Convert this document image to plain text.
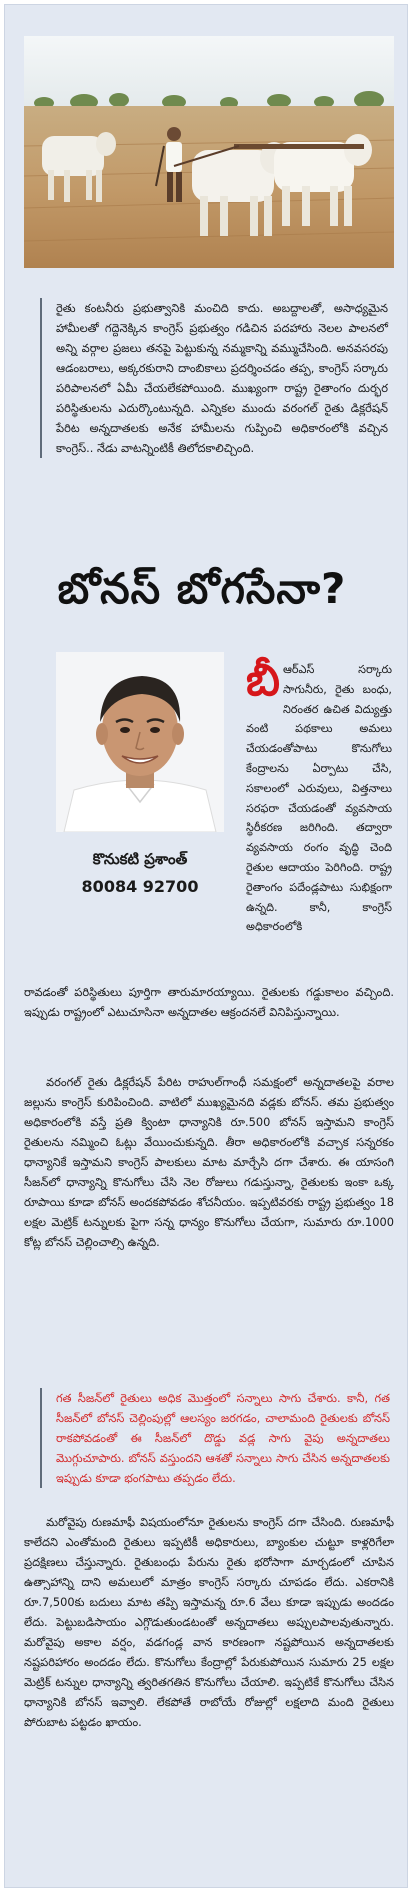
రైతు కంటనీరు ప్రభుత్వానికి మంచిది కాదు. అబద్దాలతో, అసాధ్యమైన హామీలతో గద్దెనెక్కిన కాంగ్రెస్ ప్రభుత్వం గడిచిన పదహారు నెలల పాలనలో అన్ని వర్గాల ప్రజలు తనపై పెట్టుకున్న నమ్మకాన్ని వమ్ముచేసింది. అనవసరపు ఆడంబరాలు, అక్కరకురాని దాంబికాలు ప్రదర్శించడం తప్ప, కాంగ్రెస్ సర్కారు పరిపాలనలో ఏమీ చేయలేకపోయింది. ముఖ్యంగా రాష్ట్ర రైతాంగం దుర్భర పరిస్థితులను ఎదుర్కొంటున్నది. ఎన్నికల ముందు వరంగల్ రైతు డిక్లరేషన్ పేరిట అన్నదాతలకు అనేక హామీలను గుప్పించి అధికారంలోకి వచ్చిన కాంగ్రెస్.. నేడు వాటన్నింటికీ తిలోదకాలిచ్చింది.
బోనస్ బోగసేనా?
కొనుకటి ప్రశాంత్
80084 92700
బీఆర్ఎస్ సర్కారు సాగునీరు, రైతు బంధు, నిరంతర ఉచిత విద్యుత్తు వంటి పథకాలు అమలు చేయడంతోపాటు కొనుగోలు కేంద్రాలను ఏర్పాటు చేసి, సకాలంలో ఎరువులు, విత్తనాలు సరఫరా చేయడంతో వ్యవసాయ స్థిరీకరణ జరిగింది. తద్వారా వ్యవసాయ రంగం వృద్ధి చెంది రైతుల ఆదాయం పెరిగింది. రాష్ట్ర రైతాంగం పదేండ్లపాటు సుభిక్షంగా ఉన్నది. కానీ, కాంగ్రెస్ అధికారంలోకి
రావడంతో పరిస్థితులు పూర్తిగా తారుమారయ్యాయి. రైతులకు గడ్డుకాలం వచ్చింది. ఇప్పుడు రాష్ట్రంలో ఎటుచూసినా అన్నదాతల ఆక్రందనలే వినిపిస్తున్నాయి.
వరంగల్ రైతు డిక్లరేషన్ పేరిట రాహుల్‌గాంధీ సమక్షంలో అన్నదాతలపై వరాల జల్లును కాంగ్రెస్ కురిపించింది. వాటిలో ముఖ్యమైనది వడ్లకు బోనస్. తమ ప్రభుత్వం అధికారంలోకి వస్తే ప్రతి క్వింటా ధాన్యానికి రూ.500 బోనస్ ఇస్తామని కాంగ్రెస్ రైతులను నమ్మించి ఓట్లు వేయించుకున్నది. తీరా అధికారంలోకి వచ్చాక సన్నరకం ధాన్యానికే ఇస్తామని కాంగ్రెస్ పాలకులు మాట మార్చేసి దగా చేశారు. ఈ యాసంగి సీజన్‌లో ధాన్యాన్ని కొనుగోలు చేసి నెల రోజులు గడుస్తున్నా, రైతులకు ఇంకా ఒక్క రూపాయి కూడా బోనస్ అందకపోవడం శోచనీయం. ఇప్పటివరకు రాష్ట్ర ప్రభుత్వం 18 లక్షల మెట్రిక్ టన్నులకు పైగా సన్న ధాన్యం కొనుగోలు చేయగా, సుమారు రూ.1000 కోట్ల బోనస్ చెల్లించాల్సి ఉన్నది.
గత సీజన్‌లో రైతులు అధిక మొత్తంలో సన్నాలు సాగు చేశారు. కానీ, గత సీజన్‌లో బోనస్ చెల్లింపుల్లో ఆలస్యం జరగడం, చాలామంది రైతులకు బోనస్ రాకపోవడంతో ఈ సీజన్‌లో దొడ్డు వడ్ల సాగు వైపు అన్నదాతలు మొగ్గుచూపారు. బోనస్ వస్తుందని ఆశతో సన్నాలు సాగు చేసిన అన్నదాతలకు ఇప్పుడు కూడా భంగపాటు తప్పడం లేదు.
మరోవైపు రుణమాఫీ విషయంలోనూ రైతులను కాంగ్రెస్ దగా చేసింది. రుణమాఫీ కాలేదని ఎంతోమంది రైతులు ఇప్పటికీ అధికారులు, బ్యాంకుల చుట్టూ కాళ్లరిగేలా ప్రదక్షిణలు చేస్తున్నారు. రైతుబంధు పేరును రైతు భరోసాగా మార్చడంలో చూపిన ఉత్సాహాన్ని దాని అమలులో మాత్రం కాంగ్రెస్ సర్కారు చూపడం లేదు. ఎకరానికి రూ.7,500కు బదులు మాట తప్పి ఇస్తామన్న రూ.6 వేలు కూడా ఇప్పుడు అందడం లేదు. పెట్టుబడిసాయం ఎగ్గొడుతుండటంతో అన్నదాతలు అప్పులపాలవుతున్నారు. మరోవైపు అకాల వర్షం, వడగండ్ల వాన కారణంగా నష్టపోయిన అన్నదాతలకు నష్టపరిహారం అందడం లేదు. కొనుగోలు కేంద్రాల్లో పేరుకుపోయిన సుమారు 25 లక్షల మెట్రిక్ టన్నుల ధాన్యాన్ని త్వరితగతిన కొనుగోలు చేయాలి. ఇప్పటికే కొనుగోలు చేసిన ధాన్యానికి బోనస్ ఇవ్వాలి. లేకపోతే రాబోయే రోజుల్లో లక్షలాది మంది రైతులు పోరుబాట పట్టడం ఖాయం.
